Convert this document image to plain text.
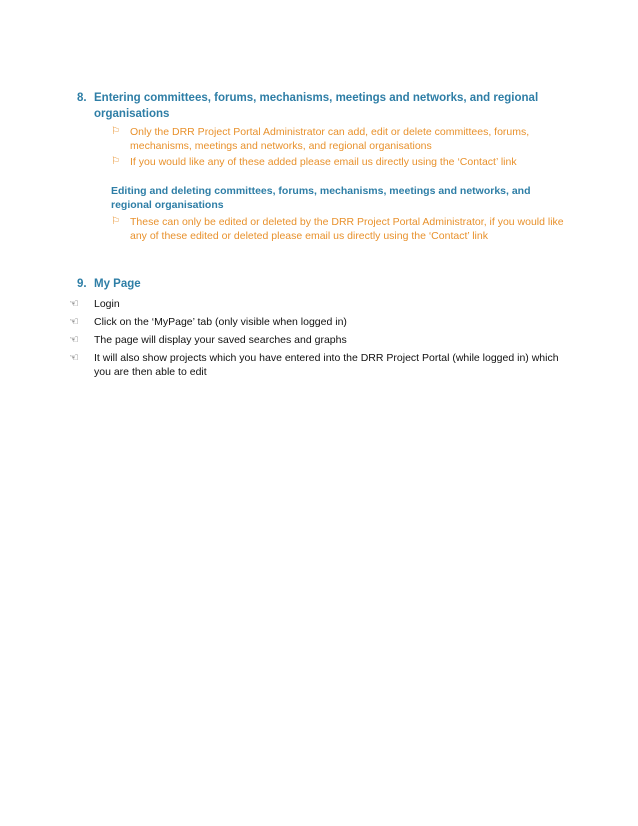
8. Entering committees, forums, mechanisms, meetings and networks, and regional organisations
⚐ Only the DRR Project Portal Administrator can add, edit or delete committees, forums, mechanisms, meetings and networks, and regional organisations
⚐ If you would like any of these added please email us directly using the ‘Contact’ link
Editing and deleting committees, forums, mechanisms, meetings and networks, and regional organisations
⚐ These can only be edited or deleted by the DRR Project Portal Administrator, if you would like any of these edited or deleted please email us directly using the ‘Contact’ link
9. My Page
☜	Login
☜	Click on the ‘MyPage’ tab (only visible when logged in)
☜	The page will display your saved searches and graphs
☜	It will also show projects which you have entered into the DRR Project Portal (while logged in) which you are then able to edit
